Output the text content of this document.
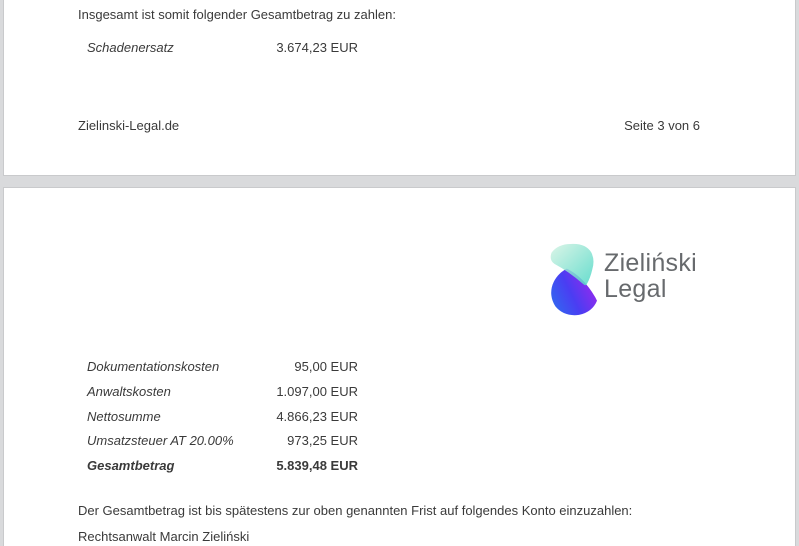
Insgesamt ist somit folgender Gesamtbetrag zu zahlen:
Schadenersatz	3.674,23 EUR
Zielinski-Legal.de	Seite 3 von 6
Zieliński
Legal
Dokumentationskosten	95,00 EUR
Anwaltskosten	1.097,00 EUR
Nettosumme	4.866,23 EUR
Umsatzsteuer AT 20.00%	973,25 EUR
Gesamtbetrag	5.839,48 EUR
Der Gesamtbetrag ist bis spätestens zur oben genannten Frist auf folgendes Konto einzuzahlen:
Rechtsanwalt Marcin Zieliński
